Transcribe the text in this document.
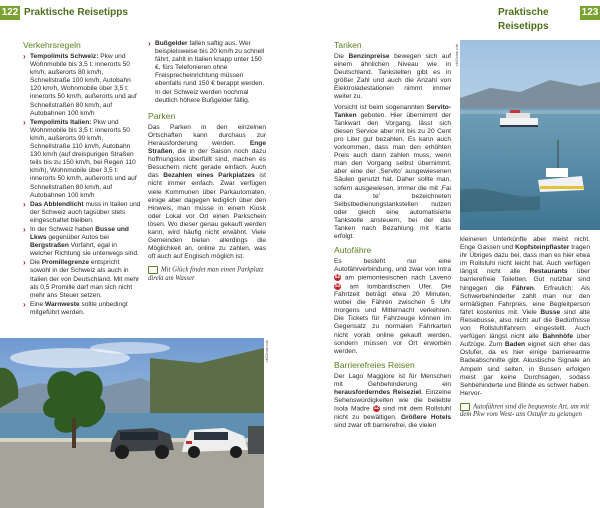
122 Praktische Reisetipps
Verkehrsregeln
› Tempolimits Schweiz: Pkw und Wohnmobile bis 3,5 t: innerorts 50 km/h, außerorts 80 km/h, Schnellstraße 100 km/h, Autobahn 120 km/h, Wohnmobile über 3,5 t: innerorts 50 km/h, außerorts und auf Schnellstraßen 80 km/h, auf Autobahnen 100 km/h
› Tempolimits Italien: Pkw und Wohnmobile bis 3,5 t: innerorts 50 km/h, außerorts 90 km/h, Schnellstraße 110 km/h, Autobahn 130 km/h (auf dreispurigen Straßen teils bis zu 150 km/h, bei Regen 110 km/h), Wohnmobile über 3,5 t: innerorts 50 km/h, außerorts und auf Schnellstraßen 80 km/h, auf Autobahnen 100 km/h
› Das Abblendlicht muss in Italien und der Schweiz auch tagsüber stets eingeschaltet bleiben.
› In der Schweiz haben Busse und Lkws gegenüber Autos bei Bergstraßen Vorfahrt, egal in welcher Richtung sie unterwegs sind.
› Die Promillegrenze entspricht sowohl in der Schweiz als auch in Italien der von Deutschland. Mit mehr als 0,5 Promille darf man sich nicht mehr ans Steuer setzen.
› Eine Warnweste sollte unbedingt mitgeführt werden.
› Bußgelder fallen saftig aus. Wer beispielsweise bis 20 km/h zu schnell fährt, zahlt in Italien knapp unter 150 €, fürs Telefonieren ohne Freisprecheinrichtung müssen ebenfalls rund 150 € berappt werden. In der Schweiz werden nochmal deutlich höhere Bußgelder fällig.
Parken

Das Parken in den einzelnen Ortschaften kann durchaus zur Herausforderung werden. Enge Straßen, die in der Saison noch dazu hoffnungslos überfüllt sind, machen es Besuchern nicht gerade einfach. Auch das Bezahlen eines Parkplatzes ist nicht immer einfach. Zwar verfügen viele Kommunen über Parkautomaten, einige aber dagegen lediglich über den Hinweis, man müsse in einem Kiosk oder Lokal vor Ort einen Parkschein lösen. Wo dieser genau gekauft werden kann, wird häufig nicht erwähnt. Viele Gemeinden bieten allerdings die Möglichkeit an, online zu zahlen, was oft auch auf Englisch möglich ist.

Mit Glück findet man einen Parkplatz direkt am Wasser
cb01mm rdn
Praktische Reisetipps
123
Tanken

Die Benzinpreise bewegen sich auf einem ähnlichen Niveau wie in Deutschland. Tankstellen gibt es in größer Zahl und auch die Anzahl von Elektroladestationen nimmt immer weiter zu.

Vorsicht ist beim sogenannten Servito-Tanken geboten. Hier übernimmt der Tankwart den Vorgang, lässt sich diesen Service aber mit bis zu 20 Cent pro Liter gut bezahlen. Es kann auch vorkommen, dass man den erhöhten Preis auch dann zahlen muss, wenn man den Vorgang selbst übernimmt, aber eine der ‚Servito' ausgewiesenen Säulen genutzt hat. Daher sollte man, sofern ausgewiesen, immer die mit ‚Fai da te' bezeichneten Selbstbedienungstankstellen nutzen oder gleich eine automatisierte Tankstelle ansteuern, bei der das Tanken nach Bezahlung mit Karte erfolgt.

Autofähre

Es besteht nur eine Autofährverbindung, und zwar von Intra 52 am piemontesischen nach Laveno 53 am lombardischen Ufer. Die Fahrtzeit beträgt etwa 20 Minuten, wobei die Fähren zwischen 5 Uhr morgens und Mitternacht verkehren. Die Tickets für Fahrzeuge können im Gegensatz zu normalen Fahrkarten nicht vorab online gekauft werden, sondern müssen vor Ort erworben werden.

Barrierefreies Reisen

Der Lago Maggiore ist für Menschen mit Gehbehinderung ein herausforderndes Reiseziel. Einzelne Sehenswürdigkeiten wie die beliebte Isola Madre 12 sind mit dem Rollstuhl nicht zu bewältigen. Größere Hotels sind zwar oft barrierefrei, die vielen

cb01mm rdn

kleineren Unterkünfte aber meist nicht. Enge Gassen und Kopfsteinpflaster tragen ihr Übriges dazu bei, dass man es hier etwa im Rollstuhl nicht leicht hat. Auch verfügen längst nicht alle Restaurants über barrierefreie Toiletten. Gut nutzbar sind hingegen die Fähren. Erfreulich: Als Schwerbehinderter zahlt man nur den ermäßigten Fahrpreis, eine Begleitperson fährt kostenlos mit. Viele Busse sind alte Reisebusse, also nicht auf die Bedürfnisse von Rollstuhlfahrern eingestellt. Auch verfügen längst nicht alle Bahnhöfe über Aufzüge. Zum Baden eignet sich eher das Ostufer, da es hier einige barrierearme Badeabschnitte gibt. Akustische Signale an Ampeln sind selten, in Bussen erfolgen meist gar keine Durchsagen, sodass Sehbehinderte und Blinde es schwer haben. Hervor-

Autofähren sind die bequemste Art, um mit dem Pkw vom West- ans Ostufer zu gelangen
